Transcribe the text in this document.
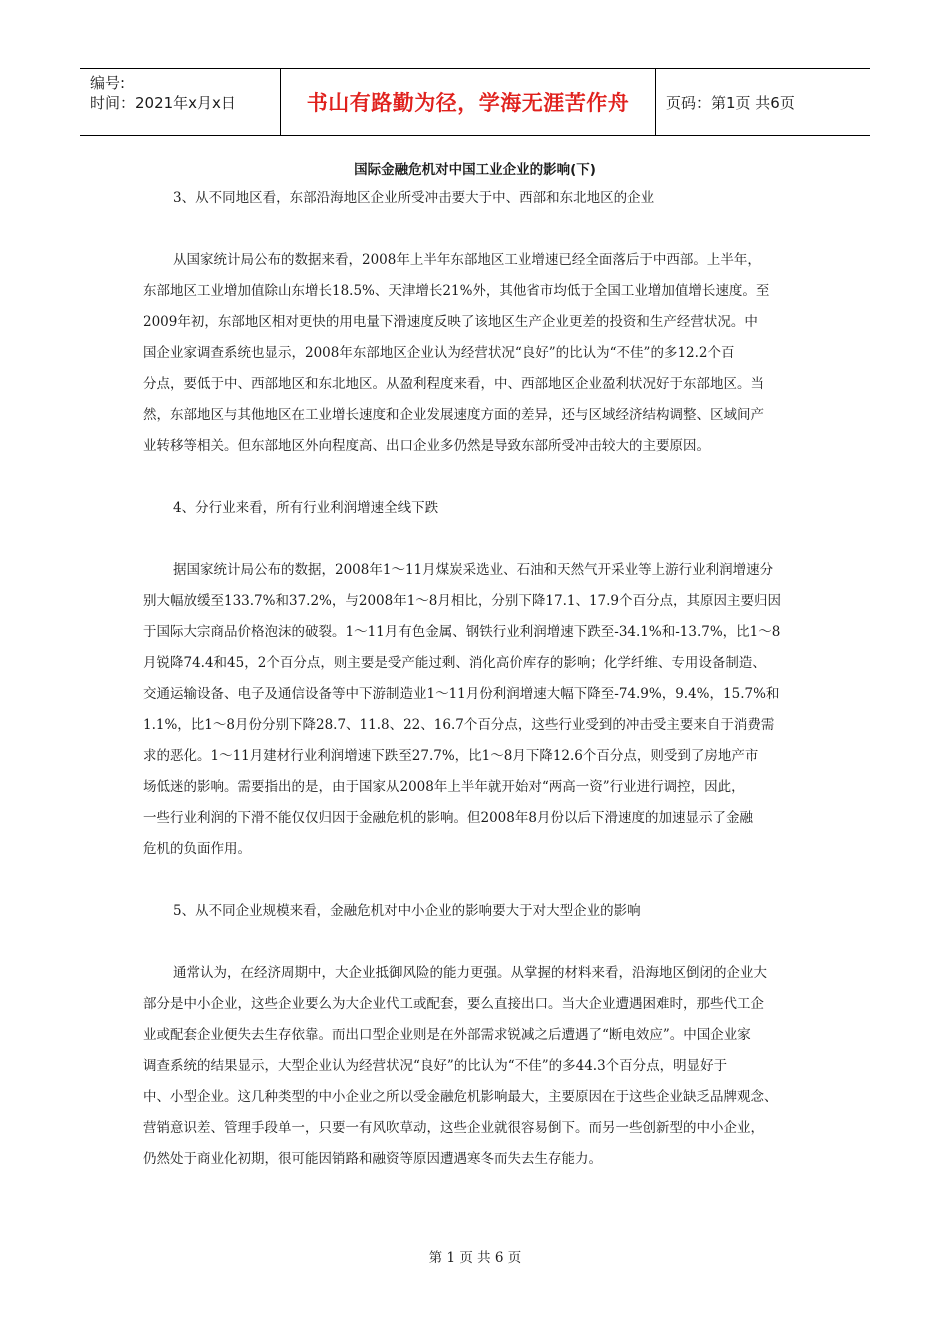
编号:
时间：2021年x月x日	书山有路勤为径，学海无涯苦作舟 页码：第1页 共6页
国际金融危机对中国工业企业的影响(下)
3、从不同地区看，东部沿海地区企业所受冲击要大于中、西部和东北地区的企业
从国家统计局公布的数据来看，2008年上半年东部地区工业增速已经全面落后于中西部。上半年，
东部地区工业增加值除山东增长18.5%、天津增长21%外，其他省市均低于全国工业增加值增长速度。至
2009年初，东部地区相对更快的用电量下滑速度反映了该地区生产企业更差的投资和生产经营状况。中
国企业家调查系统也显示，2008年东部地区企业认为经营状况“良好”的比认为“不佳”的多12.2个百
分点，要低于中、西部地区和东北地区。从盈利程度来看，中、西部地区企业盈利状况好于东部地区。当
然，东部地区与其他地区在工业增长速度和企业发展速度方面的差异，还与区域经济结构调整、区域间产
业转移等相关。但东部地区外向程度高、出口企业多仍然是导致东部所受冲击较大的主要原因。
4、分行业来看，所有行业利润增速全线下跌
据国家统计局公布的数据，2008年1～11月煤炭采选业、石油和天然气开采业等上游行业利润增速分
别大幅放缓至133.7%和37.2%，与2008年1～8月相比，分别下降17.1、17.9个百分点，其原因主要归因
于国际大宗商品价格泡沫的破裂。1～11月有色金属、钢铁行业利润增速下跌至-34.1%和-13.7%，比1～8
月锐降74.4和45，2个百分点，则主要是受产能过剩、消化高价库存的影响；化学纤维、专用设备制造、
交通运输设备、电子及通信设备等中下游制造业1～11月份利润增速大幅下降至-74.9%，9.4%，15.7%和
1.1%，比1～8月份分别下降28.7、11.8、22、16.7个百分点，这些行业受到的冲击受主要来自于消费需
求的恶化。1～11月建材行业利润增速下跌至27.7%，比1～8月下降12.6个百分点，则受到了房地产市
场低迷的影响。需要指出的是，由于国家从2008年上半年就开始对“两高一资”行业进行调控，因此，
一些行业利润的下滑不能仅仅归因于金融危机的影响。但2008年8月份以后下滑速度的加速显示了金融
危机的负面作用。
5、从不同企业规模来看，金融危机对中小企业的影响要大于对大型企业的影响
通常认为，在经济周期中，大企业抵御风险的能力更强。从掌握的材料来看，沿海地区倒闭的企业大
部分是中小企业，这些企业要么为大企业代工或配套，要么直接出口。当大企业遭遇困难时，那些代工企
业或配套企业便失去生存依靠。而出口型企业则是在外部需求锐减之后遭遇了“断电效应”。中国企业家
调查系统的结果显示，大型企业认为经营状况“良好”的比认为“不佳”的多44.3个百分点，明显好于
中、小型企业。这几种类型的中小企业之所以受金融危机影响最大，主要原因在于这些企业缺乏品牌观念、
营销意识差、管理手段单一，只要一有风吹草动，这些企业就很容易倒下。而另一些创新型的中小企业，
仍然处于商业化初期，很可能因销路和融资等原因遭遇寒冬而失去生存能力。
第 1 页 共 6 页
